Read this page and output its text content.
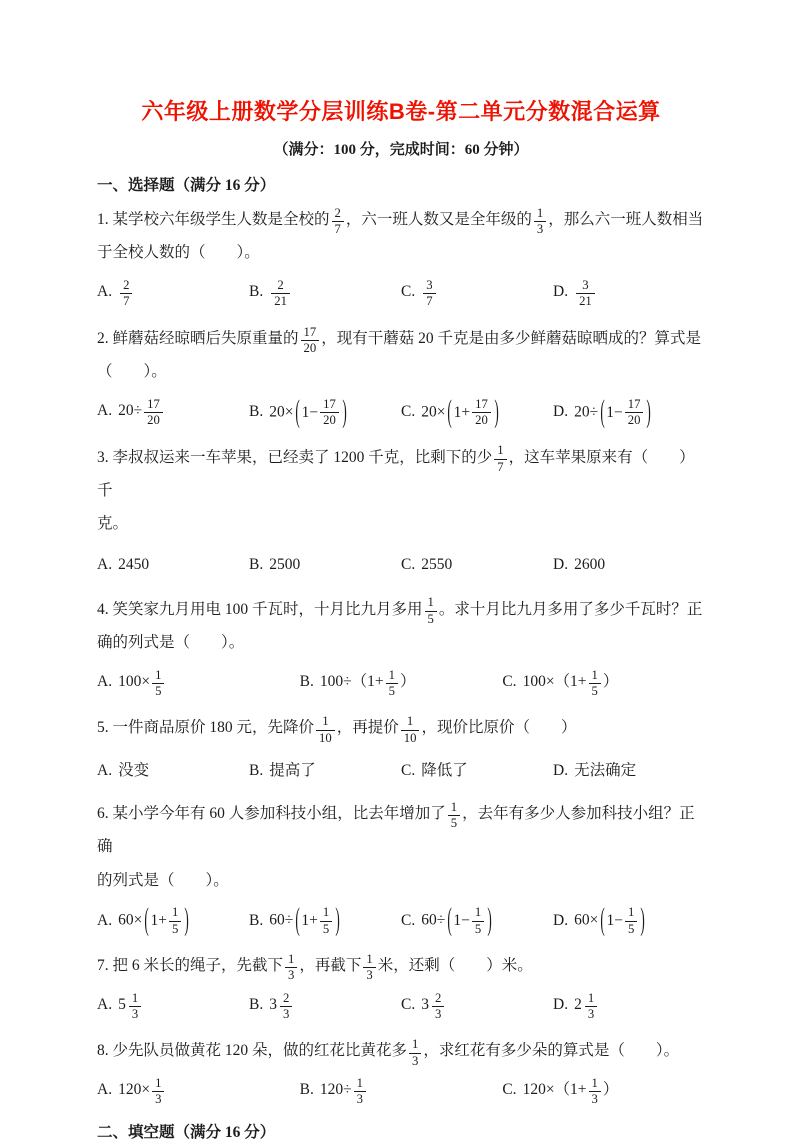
六年级上册数学分层训练B卷-第二单元分数混合运算
（满分：100 分，完成时间：60 分钟）
一、选择题（满分 16 分）
1. 某学校六年级学生人数是全校的 $\frac{2}{7}$ ，六一班人数又是全年级的 $\frac{1}{3}$ ，那么六一班人数相当
于全校人数的（　　）。
A. $\frac{2}{7}$	B. $\frac{2}{21}$	C. $\frac{3}{7}$	D. $\frac{3}{21}$
2. 鲜蘑菇经晾晒后失原重量的 $\frac{17}{20}$ ，现有干蘑菇 20 千克是由多少鲜蘑菇晾晒成的？算式是
（　　）。
A. $20\div \frac{17}{20}$	B. 20× ( $1- \frac{17}{20}$ )	C. 20× ( $1+ \frac{17}{20}$ )	D. 20÷ ( $1- \frac{17}{20}$ )
3. 李叔叔运来一车苹果，已经卖了 1200 千克，比剩下的少 $\frac{1}{7}$ ，这车苹果原来有（　　）千
克。
A. 2450	B. 2500	C. 2550	D. 2600
4. 笑笑家九月用电 100 千瓦时，十月比九月多用 $\frac{1}{5}$ 。求十月比九月多用了多少千瓦时？正
确的列式是（　　）。
A. $100\times \frac{1}{5}$	B. $100\div(1+ \frac{1}{5}$ ）	C. $100\times(1+ \frac{1}{5}$ ）
5. 一件商品原价 180 元，先降价 $\frac{1}{10}$ ，再提价 $\frac{1}{10}$ ，现价比原价（　　）
A. 没变	B. 提高了	C. 降低了	D. 无法确定
6. 某小学今年有 60 人参加科技小组，比去年增加了 $\frac{1}{5}$ ，去年有多少人参加科技小组？正确
的列式是（　　）。
A. 60× ( $1+ \frac{1}{5}$ )	B. 60÷ ( $1+ \frac{1}{5}$ )	C. 60÷ ( $1- \frac{1}{5}$ )	D. 60× ( $1- \frac{1}{5}$ )
7. 把 6 米长的绳子，先截下 $\frac{1}{3}$ ，再截下 $\frac{1}{3}$ 米，还剩（　　）米。
A. $5 \frac{1}{3}$	B. $3 \frac{2}{3}$	C. $3 \frac{2}{3}$	D. $2 \frac{1}{3}$
8. 少先队员做黄花 120 朵，做的红花比黄花多 $\frac{1}{3}$ ，求红花有多少朵的算式是（　　）。
A. $120\times \frac{1}{3}$	B. $120\div \frac{1}{3}$	C. $120\times(1+ \frac{1}{3}$ ）
二、填空题（满分 16 分）
